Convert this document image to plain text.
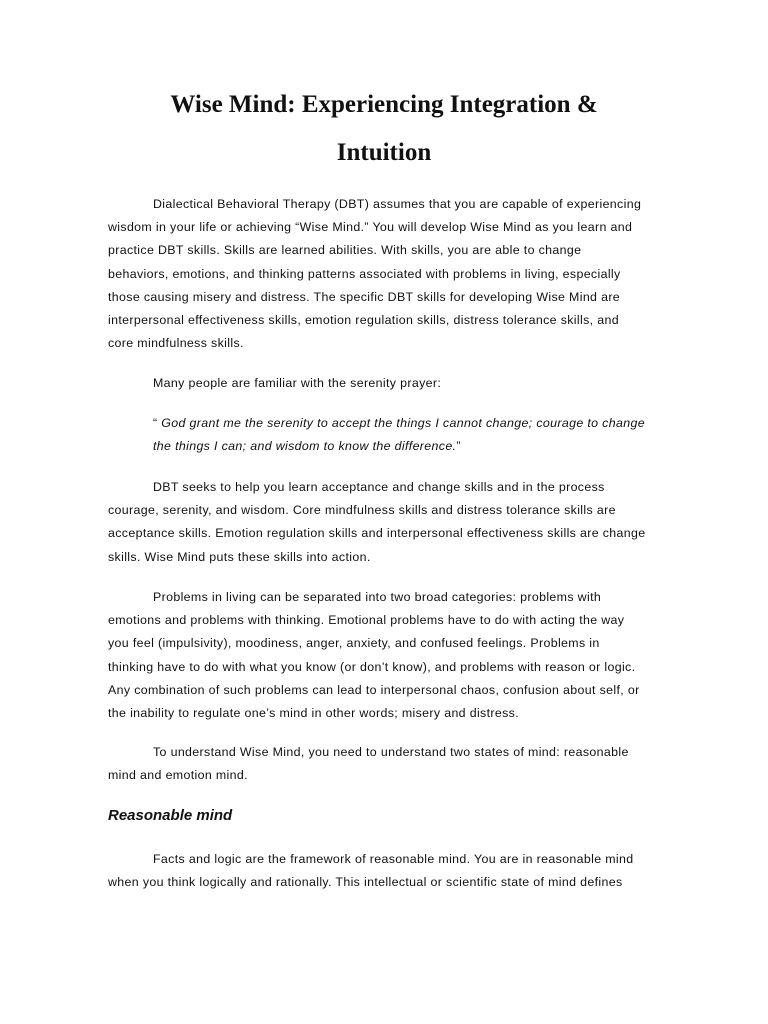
Wise Mind: Experiencing Integration &
Intuition
Dialectical Behavioral Therapy (DBT) assumes that you are capable of experiencing
wisdom in your life or achieving “Wise Mind.” You will develop Wise Mind as you learn and
practice DBT skills. Skills are learned abilities. With skills, you are able to change
behaviors, emotions, and thinking patterns associated with problems in living, especially
those causing misery and distress. The specific DBT skills for developing Wise Mind are
interpersonal effectiveness skills, emotion regulation skills, distress tolerance skills, and
core mindfulness skills.
Many people are familiar with the serenity prayer:
“ God grant me the serenity to accept the things I cannot change; courage to change
the things I can; and wisdom to know the difference.”
DBT seeks to help you learn acceptance and change skills and in the process
courage, serenity, and wisdom. Core mindfulness skills and distress tolerance skills are
acceptance skills. Emotion regulation skills and interpersonal effectiveness skills are change
skills. Wise Mind puts these skills into action.
Problems in living can be separated into two broad categories: problems with
emotions and problems with thinking. Emotional problems have to do with acting the way
you feel (impulsivity), moodiness, anger, anxiety, and confused feelings. Problems in
thinking have to do with what you know (or don’t know), and problems with reason or logic.
Any combination of such problems can lead to interpersonal chaos, confusion about self, or
the inability to regulate one’s mind in other words; misery and distress.
To understand Wise Mind, you need to understand two states of mind: reasonable
mind and emotion mind.
Reasonable mind
Facts and logic are the framework of reasonable mind. You are in reasonable mind
when you think logically and rationally. This intellectual or scientific state of mind defines
